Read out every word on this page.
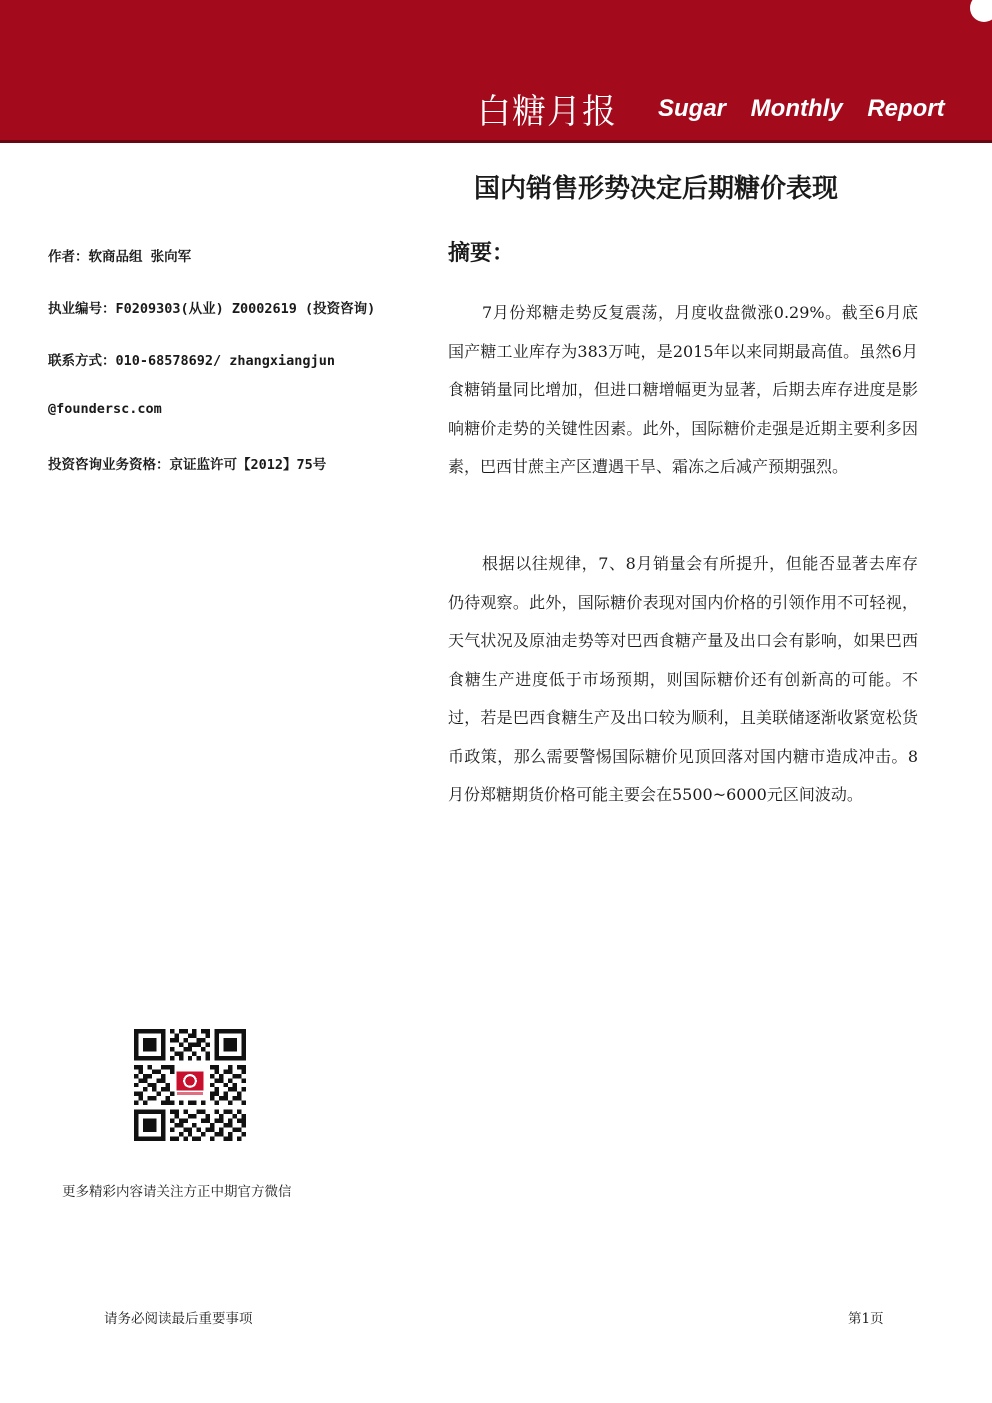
白糖月报 Sugar Monthly Report
国内销售形势决定后期糖价表现
作者：软商品组 张向军
执业编号：F0209303(从业) Z0002619 (投资咨询)
联系方式：010-68578692/ zhangxiangjun
@foundersc.com
投资咨询业务资格：京证监许可【2012】75号
摘要：

7月份郑糖走势反复震荡，月度收盘微涨0.29%。截至6月底国产糖工业库存为383万吨，是2015年以来同期最高值。虽然6月食糖销量同比增加，但进口糖增幅更为显著，后期去库存进度是影响糖价走势的关键性因素。此外，国际糖价走强是近期主要利多因素，巴西甘蔗主产区遭遇干旱、霜冻之后减产预期强烈。

根据以往规律，7、8月销量会有所提升，但能否显著去库存仍待观察。此外，国际糖价表现对国内价格的引领作用不可轻视，天气状况及原油走势等对巴西食糖产量及出口会有影响，如果巴西食糖生产进度低于市场预期，则国际糖价还有创新高的可能。不过，若是巴西食糖生产及出口较为顺利，且美联储逐渐收紧宽松货币政策，那么需要警惕国际糖价见顶回落对国内糖市造成冲击。8月份郑糖期货价格可能主要会在5500~6000元区间波动。

更多精彩内容请关注方正中期官方微信
请务必阅读最后重要事项	第1页
